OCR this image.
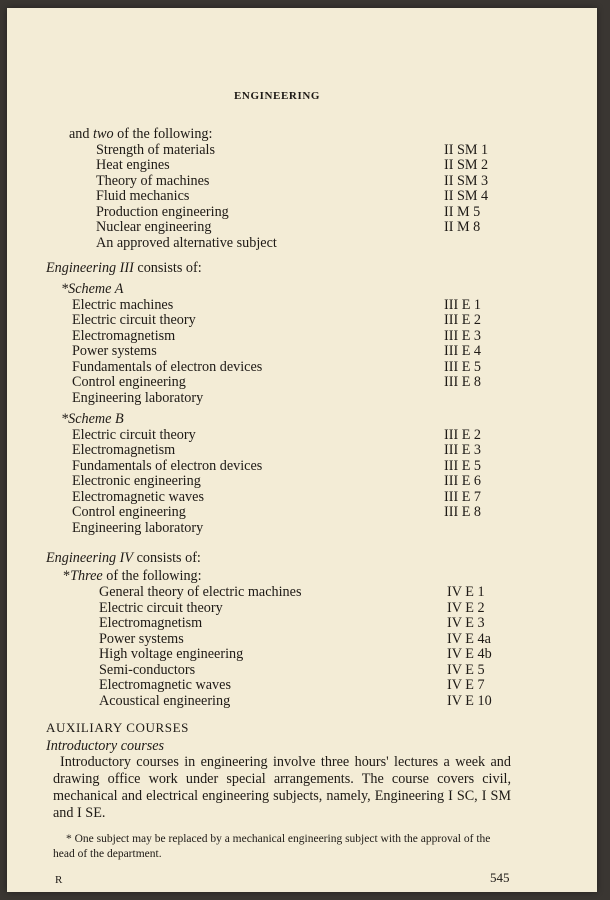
ENGINEERING
and two of the following:
Strength of materials	II SM 1
Heat engines	II SM 2
Theory of machines	II SM 3
Fluid mechanics	II SM 4
Production engineering	II M 5
Nuclear engineering	II M 8
An approved alternative subject
Engineering III consists of:
*Scheme A
Electric machines	III E 1
Electric circuit theory	III E 2
Electromagnetism	III E 3
Power systems	III E 4
Fundamentals of electron devices	III E 5
Control engineering	III E 8
Engineering laboratory
*Scheme B
Electric circuit theory	III E 2
Electromagnetism	III E 3
Fundamentals of electron devices	III E 5
Electronic engineering	III E 6
Electromagnetic waves	III E 7
Control engineering	III E 8
Engineering laboratory
Engineering IV consists of:
*Three of the following:
General theory of electric machines	IV E 1
Electric circuit theory	IV E 2
Electromagnetism	IV E 3
Power systems	IV E 4a
High voltage engineering	IV E 4b
Semi-conductors	IV E 5
Electromagnetic waves	IV E 7
Acoustical engineering	IV E 10
AUXILIARY COURSES
Introductory courses
Introductory courses in engineering involve three hours' lectures a week and drawing office work under special arrangements. The course covers civil, mechanical and electrical engineering subjects, namely, Engineering I SC, I SM and I SE.
* One subject may be replaced by a mechanical engineering subject with the approval of the head of the department.
R	545
